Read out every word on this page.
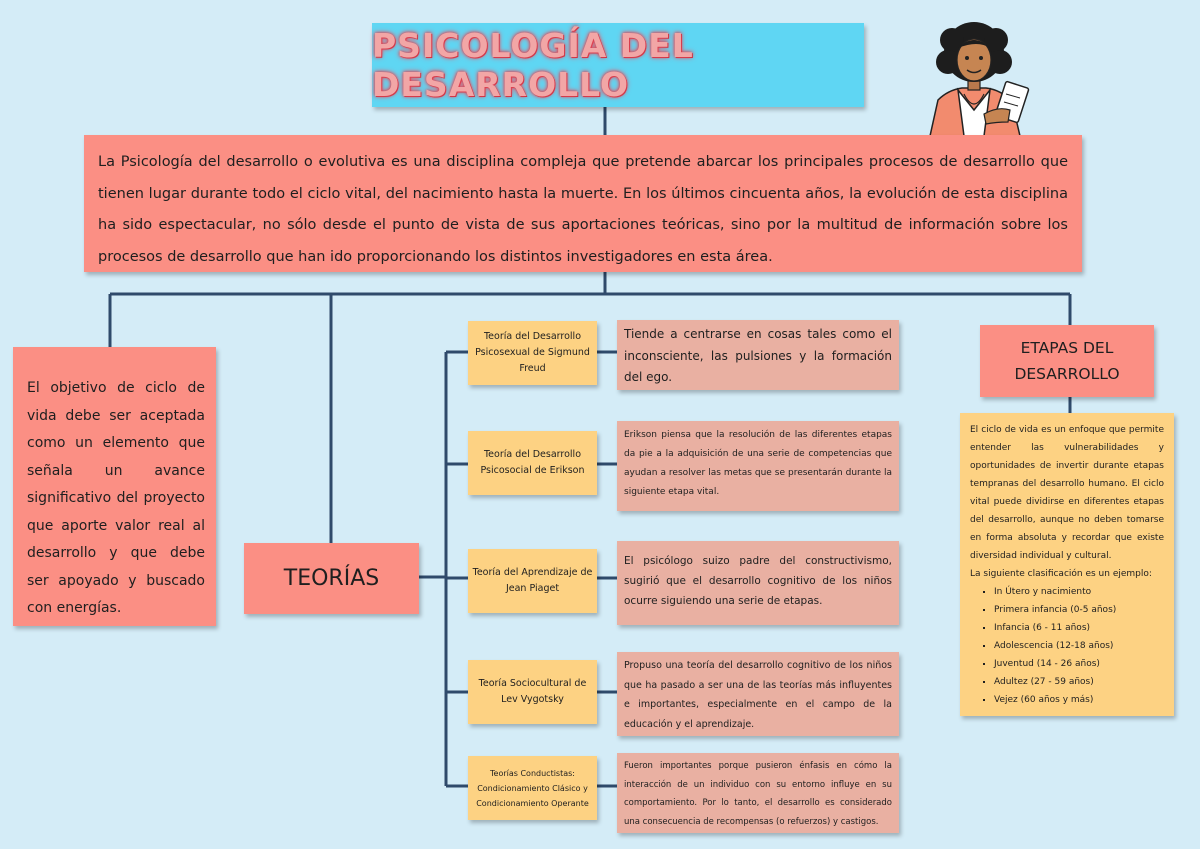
PSICOLOGÍA DEL DESARROLLO
La Psicología del desarrollo o evolutiva es una disciplina compleja que pretende abarcar los principales procesos de desarrollo que tienen lugar durante todo el ciclo vital, del nacimiento hasta la muerte. En los últimos cincuenta años, la evolución de esta disciplina ha sido espectacular, no sólo desde el punto de vista de sus aportaciones teóricas, sino por la multitud de información sobre los procesos de desarrollo que han ido proporcionando los distintos investigadores en esta área.
El objetivo de ciclo de vida debe ser aceptada como un elemento que señala un avance significativo del proyecto que aporte valor real al desarrollo y que debe ser apoyado y buscado con energías.
TEORÍAS
Teoría del Desarrollo Psicosexual de Sigmund Freud
Teoría del Desarrollo Psicosocial de Erikson
Teoría del Aprendizaje de Jean Piaget
Teoría Sociocultural de Lev Vygotsky
Teorías Conductistas: Condicionamiento Clásico y Condicionamiento Operante
Tiende a centrarse en cosas tales como el inconsciente, las pulsiones y la formación del ego.
Erikson piensa que la resolución de las diferentes etapas da pie a la adquisición de una serie de competencias que ayudan a resolver las metas que se presentarán durante la siguiente etapa vital.
El psicólogo suizo padre del constructivismo, sugirió que el desarrollo cognitivo de los niños ocurre siguiendo una serie de etapas.
Propuso una teoría del desarrollo cognitivo de los niños que ha pasado a ser una de las teorías más influyentes e importantes, especialmente en el campo de la educación y el aprendizaje.
Fueron importantes porque pusieron énfasis en cómo la interacción de un individuo con su entorno influye en su comportamiento. Por lo tanto, el desarrollo es considerado una consecuencia de recompensas (o refuerzos) y castigos.
ETAPAS DEL DESARROLLO
El ciclo de vida es un enfoque que permite entender las vulnerabilidades y oportunidades de invertir durante etapas tempranas del desarrollo humano. El ciclo vital puede dividirse en diferentes etapas del desarrollo, aunque no deben tomarse en forma absoluta y recordar que existe diversidad individual y cultural.
La siguiente clasificación es un ejemplo:
▪ In Útero y nacimiento
▪ Primera infancia (0-5 años)
▪ Infancia (6 - 11 años)
▪ Adolescencia (12-18 años)
▪ Juventud (14 - 26 años)
▪ Adultez (27 - 59 años)
▪ Vejez (60 años y más)
